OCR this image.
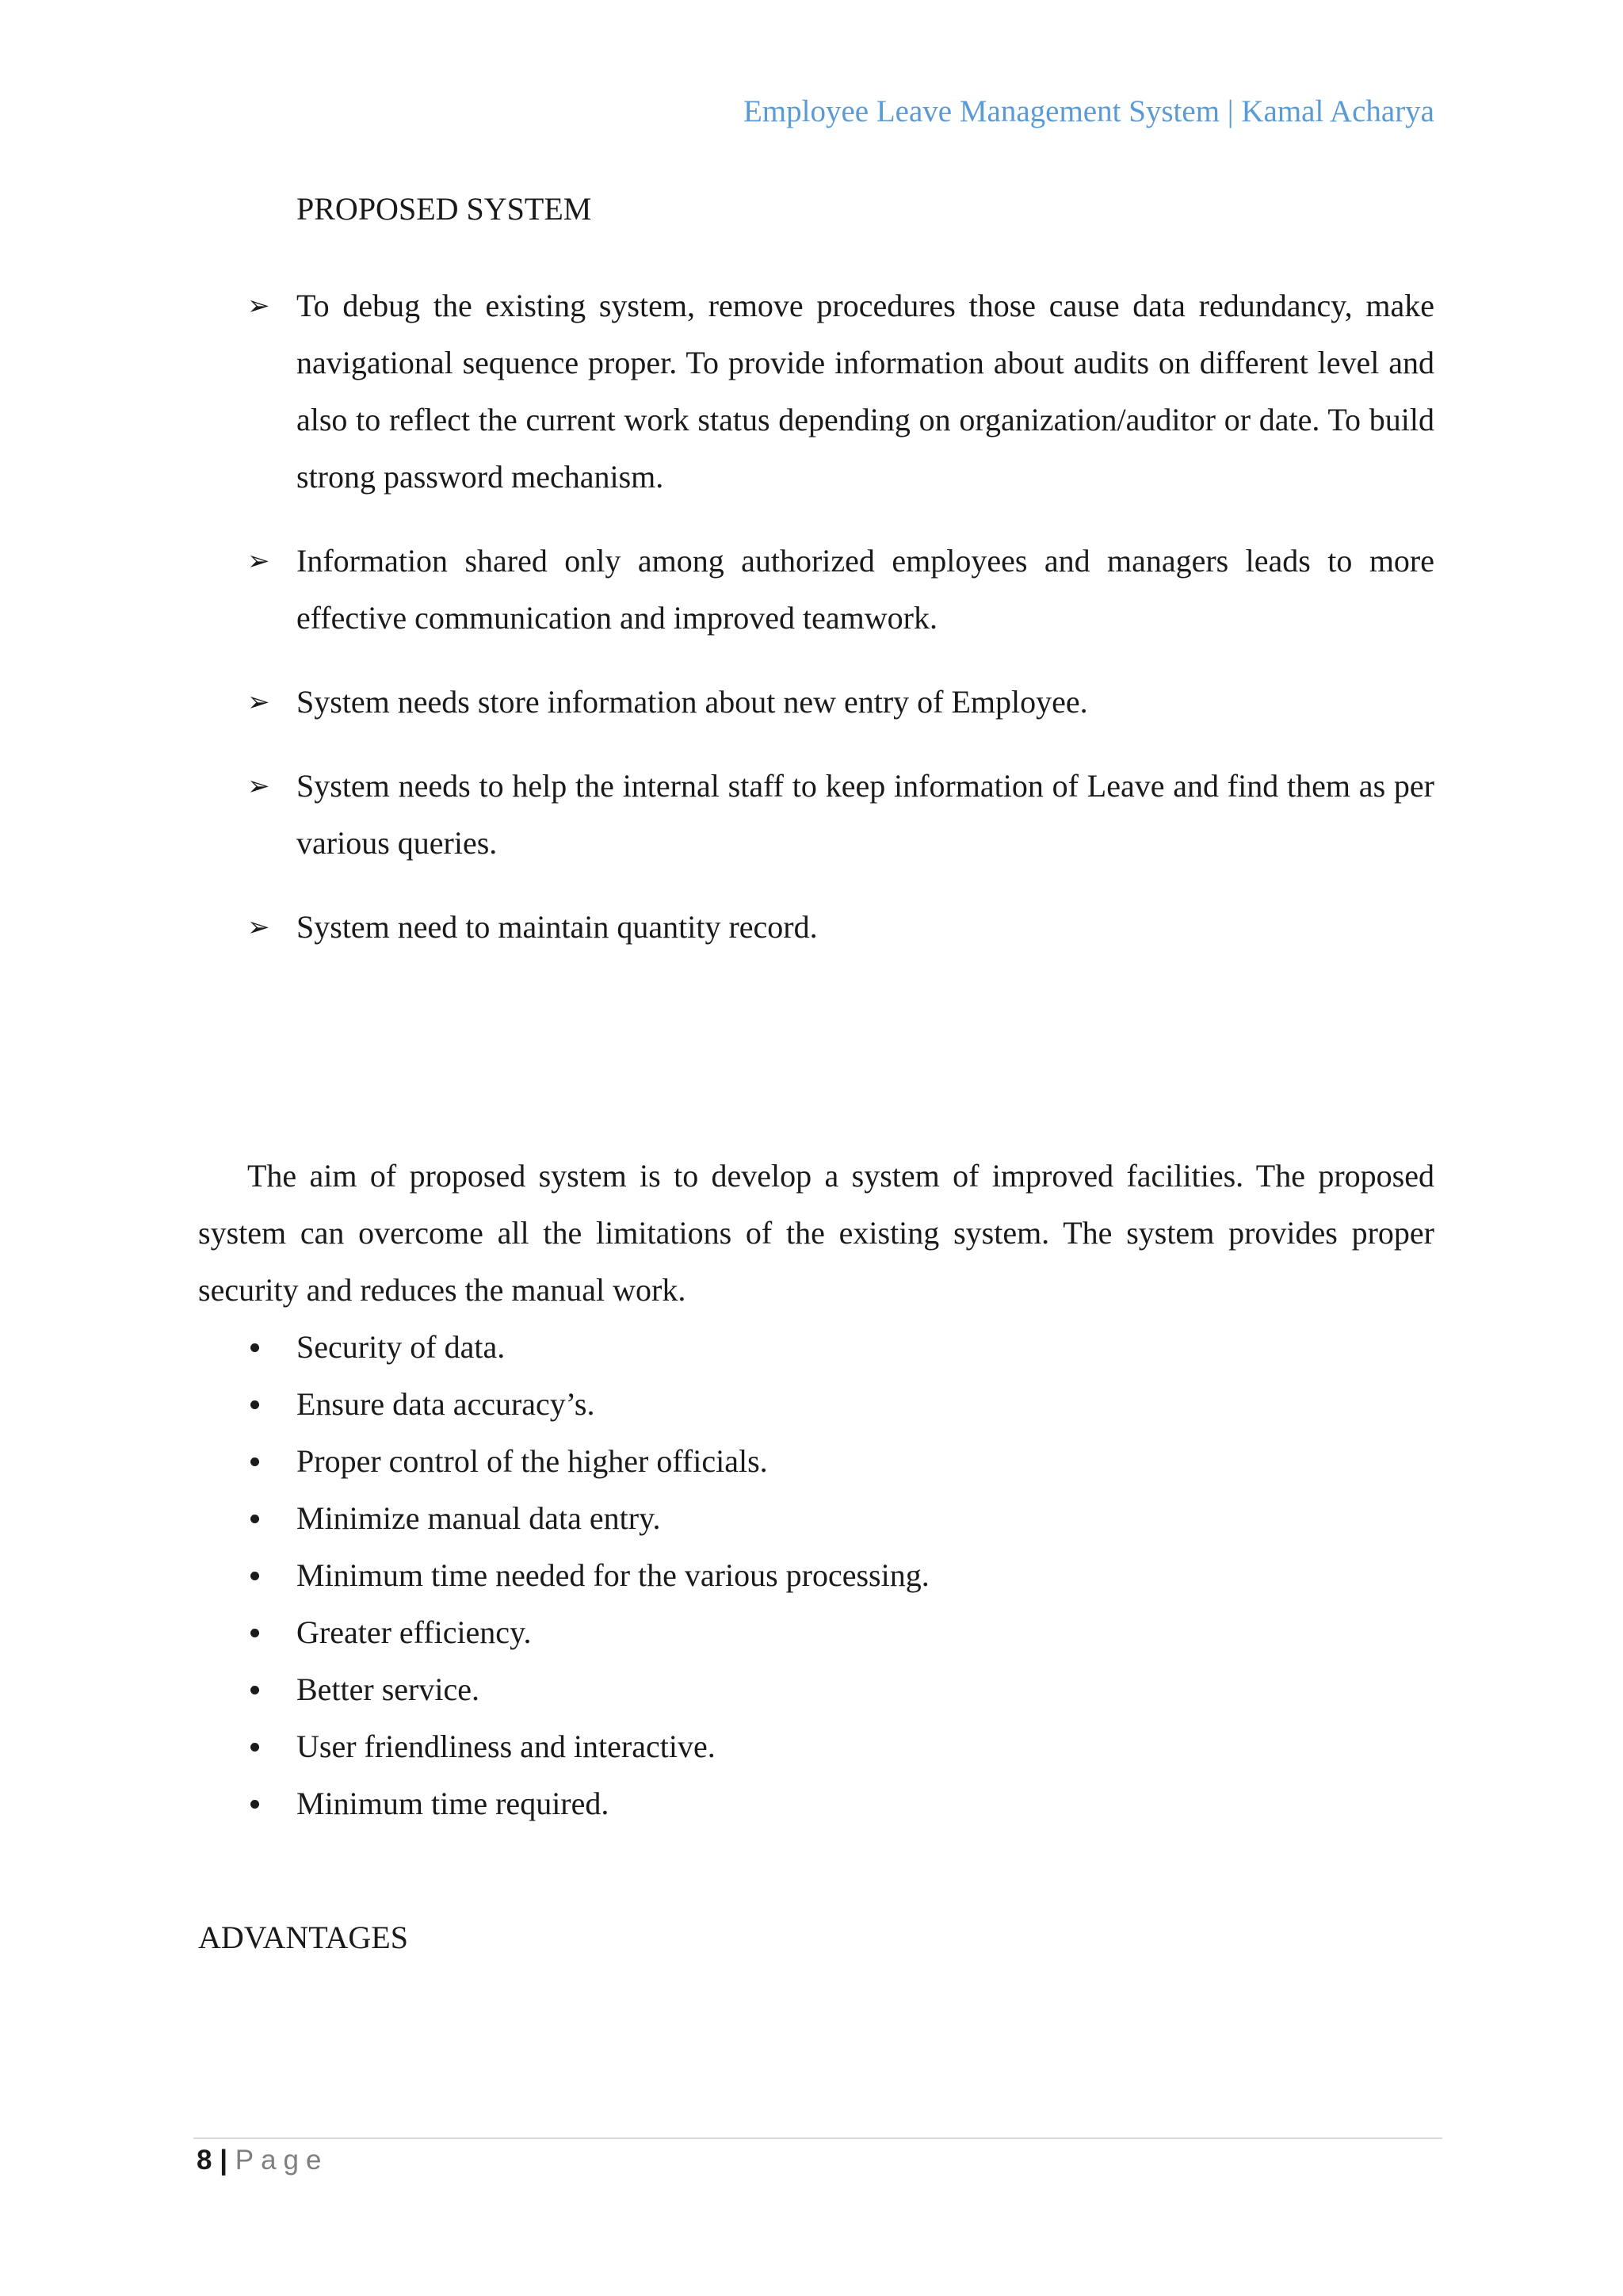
Employee Leave Management System | Kamal Acharya
PROPOSED SYSTEM
➢ To debug the existing system, remove procedures those cause data redundancy, make navigational sequence proper. To provide information about audits on different level and also to reflect the current work status depending on organization/auditor or date. To build strong password mechanism.
➢ Information shared only among authorized employees and managers leads to more effective communication and improved teamwork.
➢ System needs store information about new entry of Employee.
➢ System needs to help the internal staff to keep information of Leave and find them as per various queries.
➢ System need to maintain quantity record.

The aim of proposed system is to develop a system of improved facilities. The proposed system can overcome all the limitations of the existing system. The system provides proper security and reduces the manual work.

Security of data.
Ensure data accuracy’s.
Proper control of the higher officials.
Minimize manual data entry.
Minimum time needed for the various processing.
Greater efficiency.
Better service.
User friendliness and interactive.
Minimum time required.
ADVANTAGES
8 | Page
